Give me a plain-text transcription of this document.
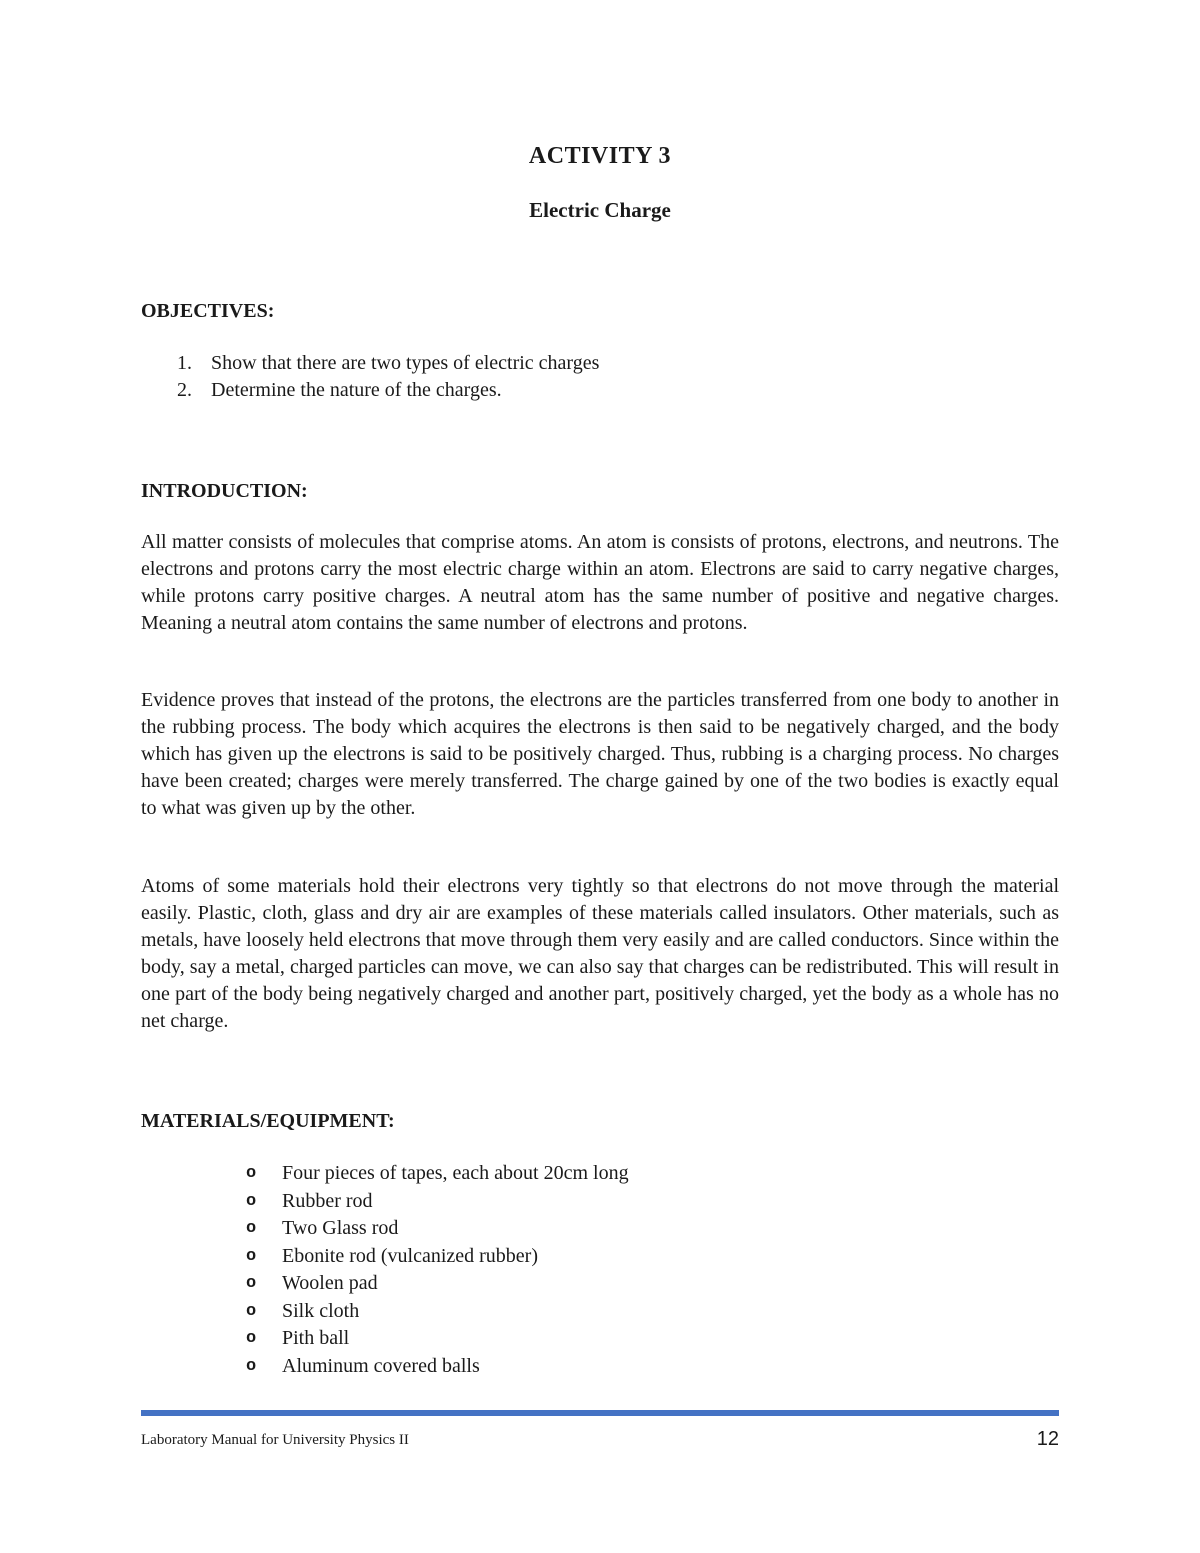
ACTIVITY 3
Electric Charge
OBJECTIVES:
1. Show that there are two types of electric charges
2. Determine the nature of the charges.
INTRODUCTION:

All matter consists of molecules that comprise atoms. An atom is consists of protons, electrons, and neutrons. The electrons and protons carry the most electric charge within an atom. Electrons are said to carry negative charges, while protons carry positive charges. A neutral atom has the same number of positive and negative charges. Meaning a neutral atom contains the same number of electrons and protons.

Evidence proves that instead of the protons, the electrons are the particles transferred from one body to another in the rubbing process. The body which acquires the electrons is then said to be negatively charged, and the body which has given up the electrons is said to be positively charged. Thus, rubbing is a charging process. No charges have been created; charges were merely transferred. The charge gained by one of the two bodies is exactly equal to what was given up by the other.

Atoms of some materials hold their electrons very tightly so that electrons do not move through the material easily. Plastic, cloth, glass and dry air are examples of these materials called insulators. Other materials, such as metals, have loosely held electrons that move through them very easily and are called conductors. Since within the body, say a metal, charged particles can move, we can also say that charges can be redistributed. This will result in one part of the body being negatively charged and another part, positively charged, yet the body as a whole has no net charge.

MATERIALS/EQUIPMENT:
o Four pieces of tapes, each about 20cm long
o Rubber rod
o Two Glass rod
o Ebonite rod (vulcanized rubber)
o Woolen pad
o Silk cloth
o Pith ball
o Aluminum covered balls
Laboratory Manual for University Physics II	12
